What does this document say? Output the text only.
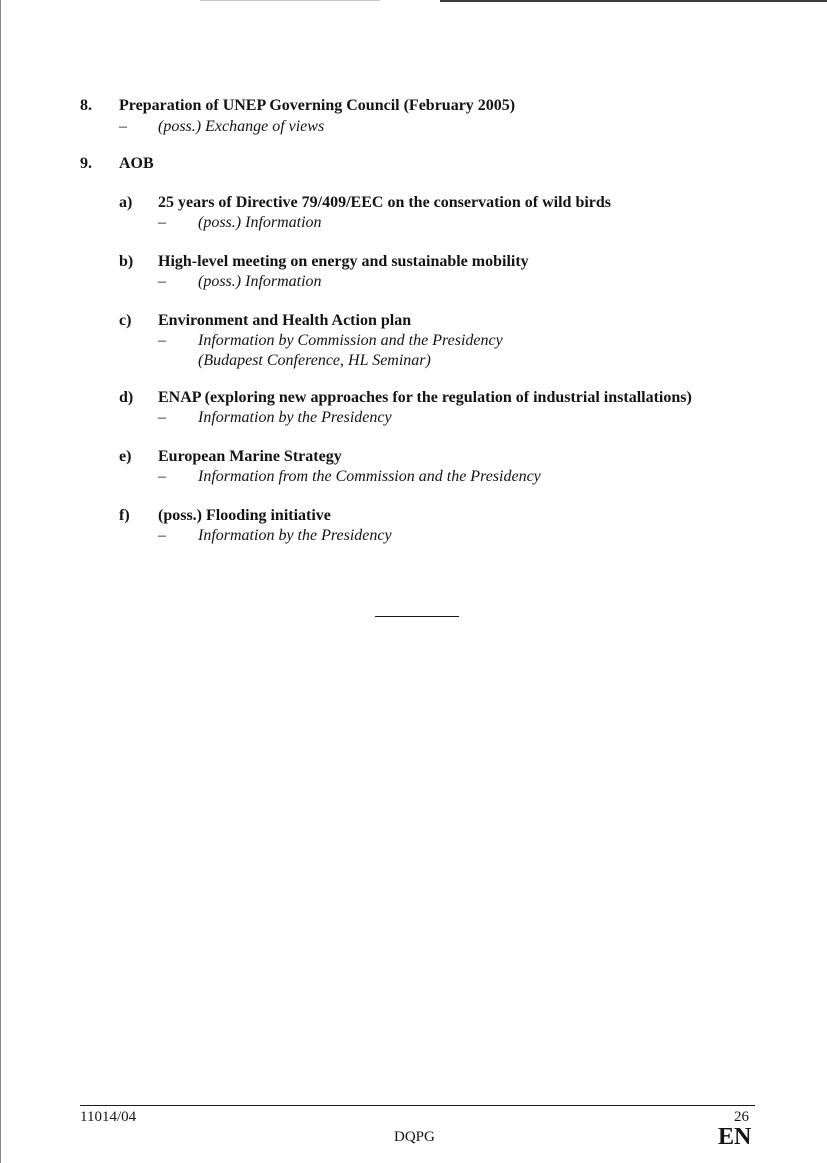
8. Preparation of UNEP Governing Council (February 2005)
– (poss.) Exchange of views
9. AOB
a) 25 years of Directive 79/409/EEC on the conservation of wild birds
– (poss.) Information
b) High-level meeting on energy and sustainable mobility
– (poss.) Information
c) Environment and Health Action plan
– Information by Commission and the Presidency
(Budapest Conference, HL Seminar)
d) ENAP (exploring new approaches for the regulation of industrial installations)
– Information by the Presidency
e) European Marine Strategy
– Information from the Commission and the Presidency
f) (poss.) Flooding initiative
– Information by the Presidency
11014/04	26
DQPG	EN
